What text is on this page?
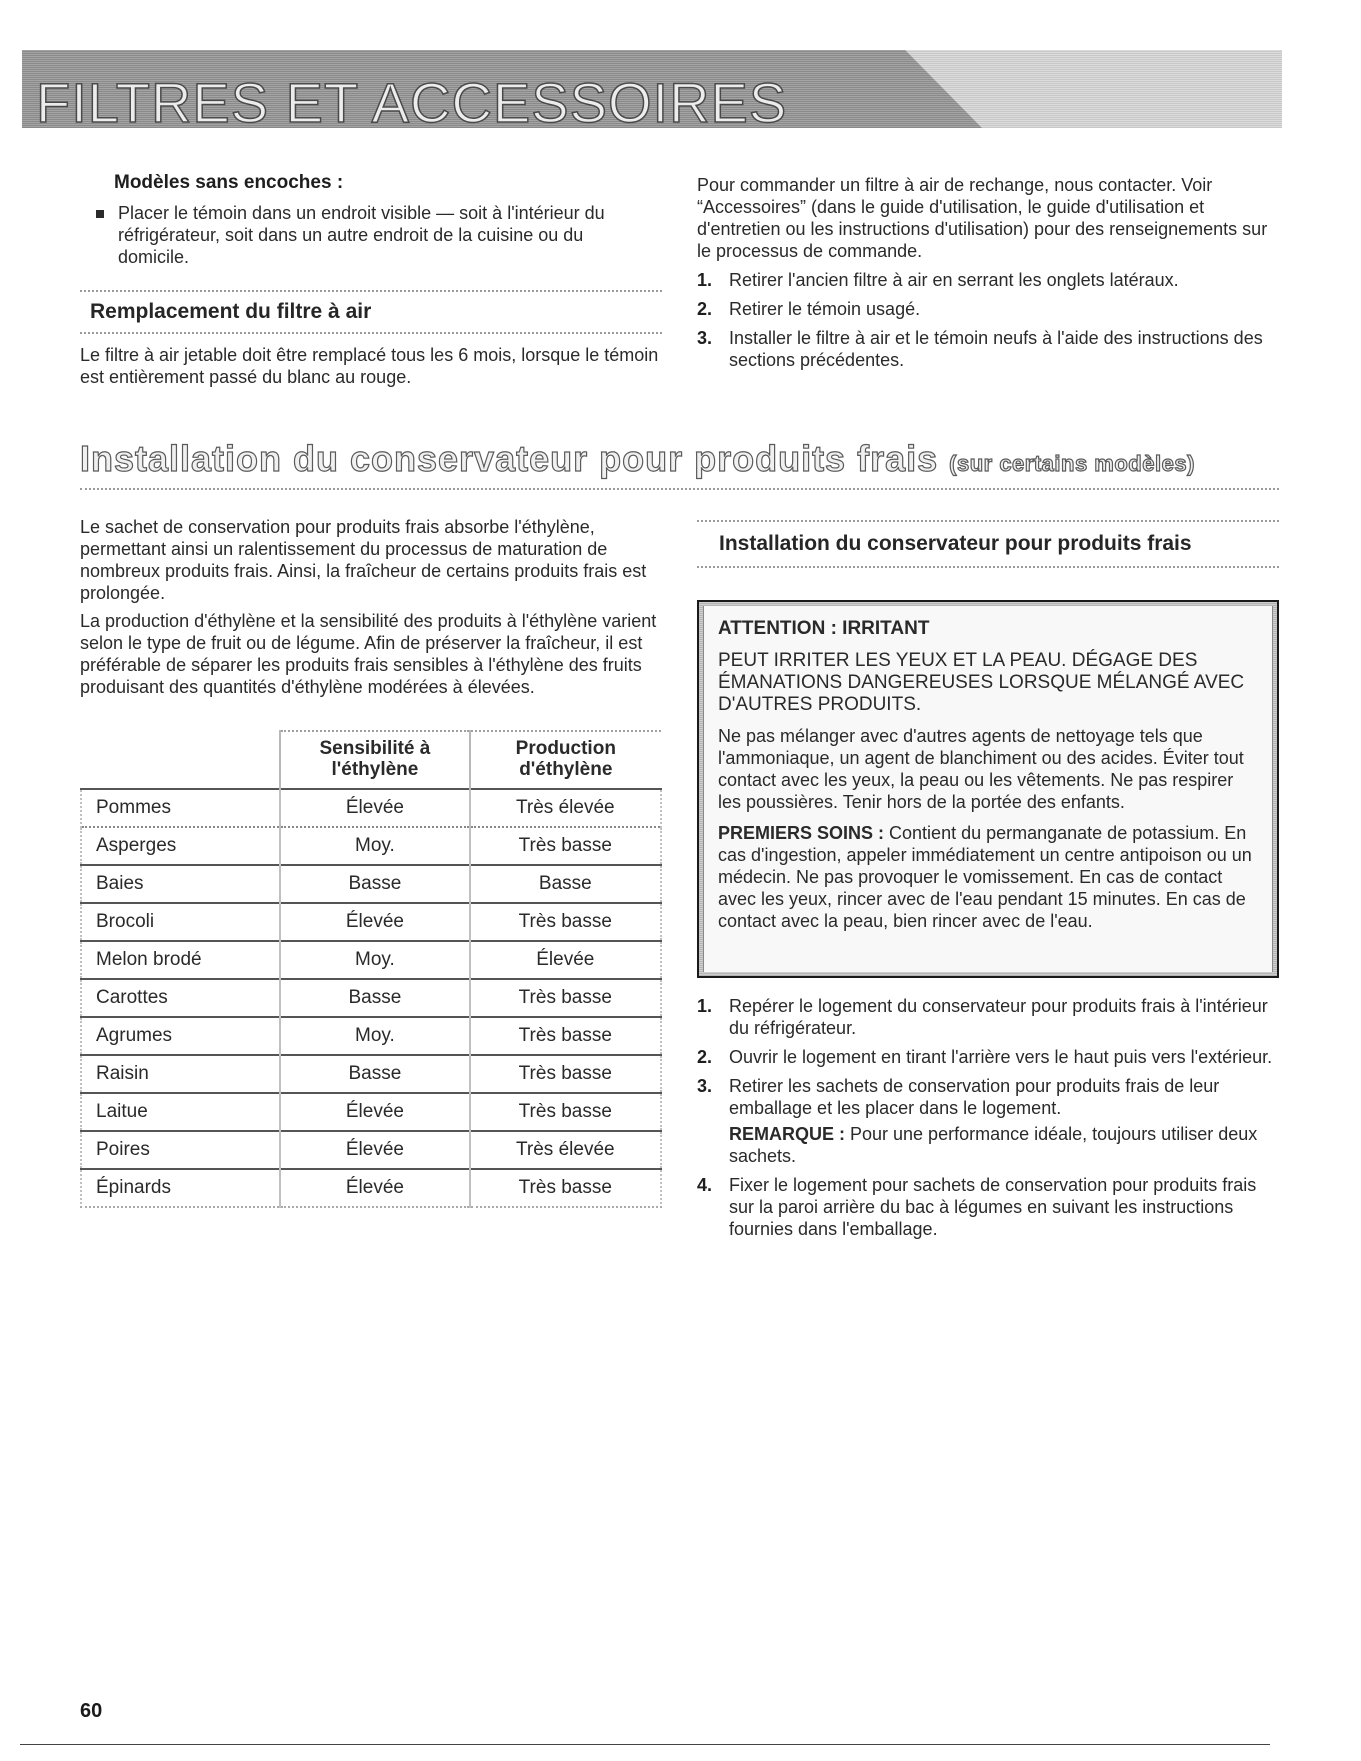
FILTRES ET ACCESSOIRES
Modèles sans encoches :
Placer le témoin dans un endroit visible — soit à l'intérieur du réfrigérateur, soit dans un autre endroit de la cuisine ou du domicile.
Remplacement du filtre à air
Le filtre à air jetable doit être remplacé tous les 6 mois, lorsque le témoin est entièrement passé du blanc au rouge.
Pour commander un filtre à air de rechange, nous contacter. Voir “Accessoires” (dans le guide d'utilisation, le guide d'utilisation et d'entretien ou les instructions d'utilisation) pour des renseignements sur le processus de commande.
1. Retirer l'ancien filtre à air en serrant les onglets latéraux.
2. Retirer le témoin usagé.
3. Installer le filtre à air et le témoin neufs à l'aide des instructions des sections précédentes.
Installation du conservateur pour produits frais (sur certains modèles)
Le sachet de conservation pour produits frais absorbe l'éthylène, permettant ainsi un ralentissement du processus de maturation de nombreux produits frais. Ainsi, la fraîcheur de certains produits frais est prolongée.
La production d'éthylène et la sensibilité des produits à l'éthylène varient selon le type de fruit ou de légume. Afin de préserver la fraîcheur, il est préférable de séparer les produits frais sensibles à l'éthylène des fruits produisant des quantités d'éthylène modérées à élevées.
	Sensibilité à l'éthylène	Production d'éthylène
Pommes	Élevée	Très élevée
Asperges	Moy.	Très basse
Baies	Basse	Basse
Brocoli	Élevée	Très basse
Melon brodé	Moy.	Élevée
Carottes	Basse	Très basse
Agrumes	Moy.	Très basse
Raisin	Basse	Très basse
Laitue	Élevée	Très basse
Poires	Élevée	Très élevée
Épinards	Élevée	Très basse
Installation du conservateur pour produits frais
ATTENTION : IRRITANT
PEUT IRRITER LES YEUX ET LA PEAU. DÉGAGE DES ÉMANATIONS DANGEREUSES LORSQUE MÉLANGÉ AVEC D'AUTRES PRODUITS.
Ne pas mélanger avec d'autres agents de nettoyage tels que l'ammoniaque, un agent de blanchiment ou des acides. Éviter tout contact avec les yeux, la peau ou les vêtements. Ne pas respirer les poussières. Tenir hors de la portée des enfants.
PREMIERS SOINS : Contient du permanganate de potassium. En cas d'ingestion, appeler immédiatement un centre antipoison ou un médecin. Ne pas provoquer le vomissement. En cas de contact avec les yeux, rincer avec de l'eau pendant 15 minutes. En cas de contact avec la peau, bien rincer avec de l'eau.
1. Repérer le logement du conservateur pour produits frais à l'intérieur du réfrigérateur.
2. Ouvrir le logement en tirant l'arrière vers le haut puis vers l'extérieur.
3. Retirer les sachets de conservation pour produits frais de leur emballage et les placer dans le logement.

REMARQUE : Pour une performance idéale, toujours utiliser deux sachets.
4. Fixer le logement pour sachets de conservation pour produits frais sur la paroi arrière du bac à légumes en suivant les instructions fournies dans l'emballage.
60
